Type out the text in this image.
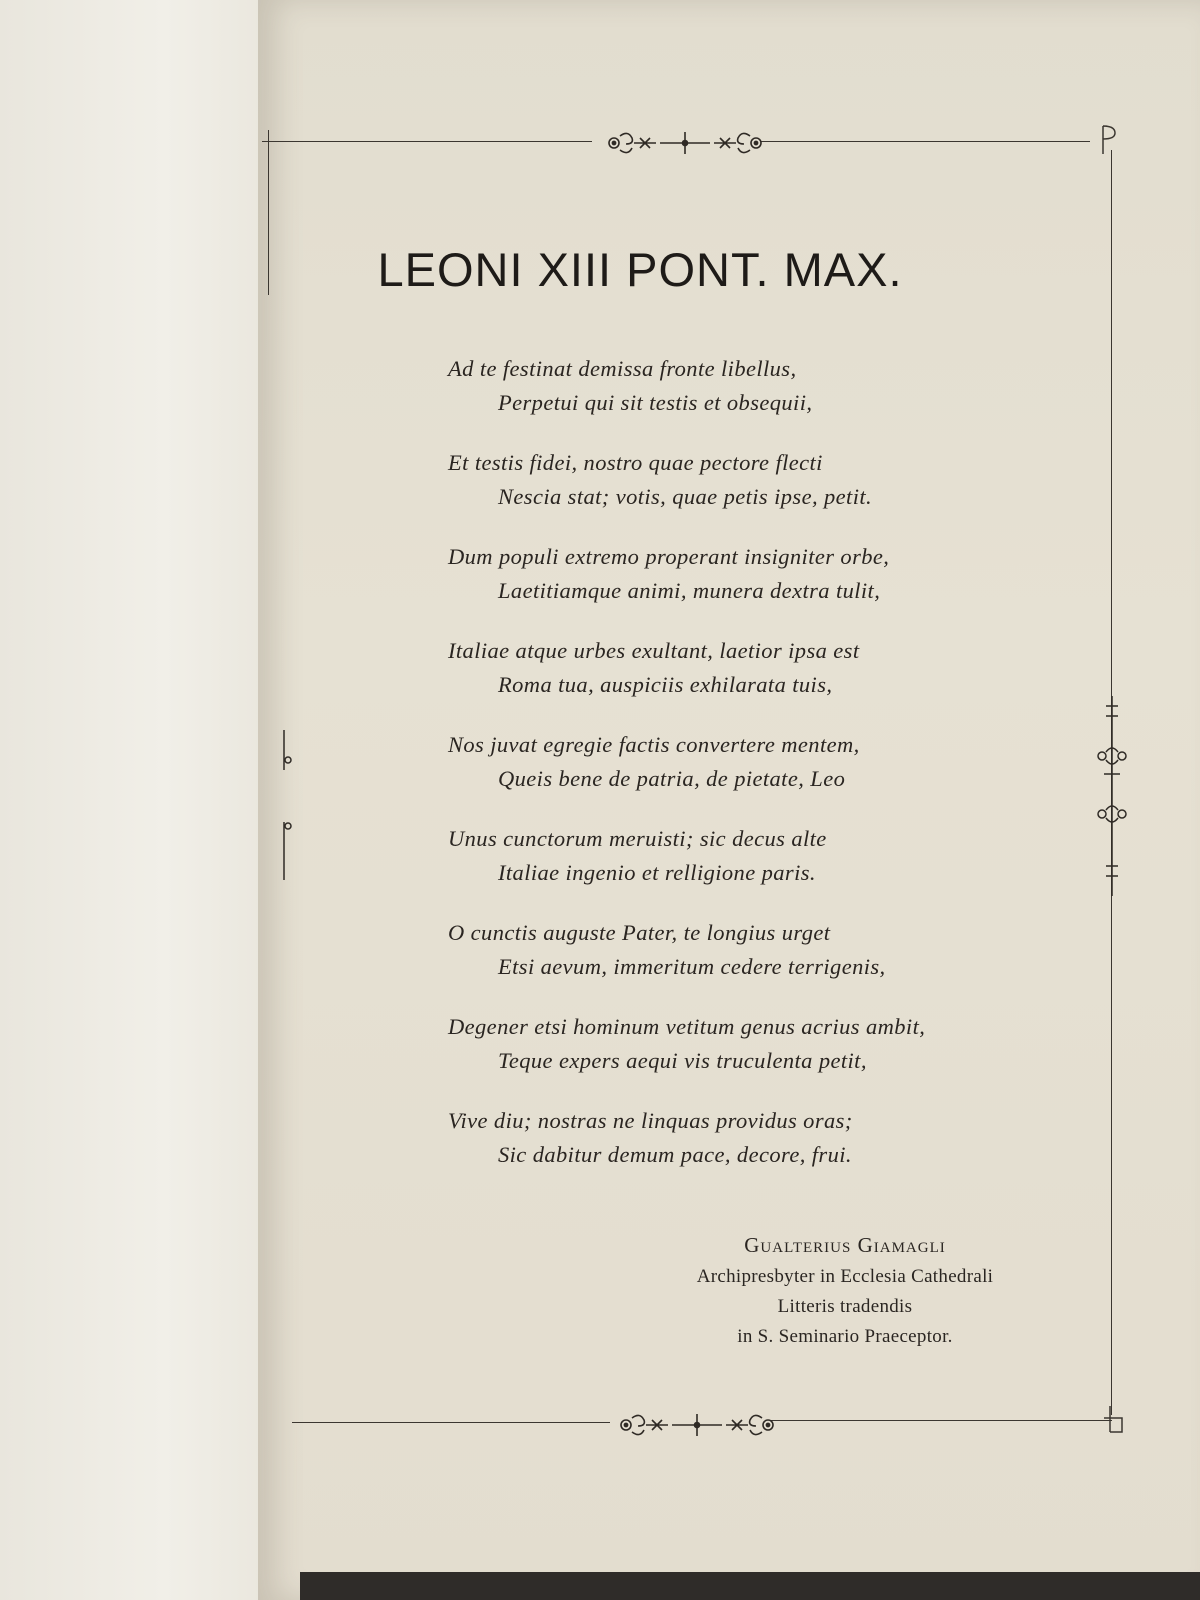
LEONI XIII PONT. MAX.
Ad te festinat demissa fronte libellus,
Perpetui qui sit testis et obsequii,
Et testis fidei, nostro quae pectore flecti
Nescia stat; votis, quae petis ipse, petit.
Dum populi extremo properant insigniter orbe,
Laetitiamque animi, munera dextra tulit,
Italiae atque urbes exultant, laetior ipsa est
Roma tua, auspiciis exhilarata tuis,
Nos juvat egregie factis convertere mentem,
Queis bene de patria, de pietate, Leo
Unus cunctorum meruisti; sic decus alte
Italiae ingenio et relligione paris.
O cunctis auguste Pater, te longius urget
Etsi aevum, immeritum cedere terrigenis,
Degener etsi hominum vetitum genus acrius ambit,
Teque expers aequi vis truculenta petit,
Vive diu; nostras ne linquas providus oras;
Sic dabitur demum pace, decore, frui.
Gualterius Giamagli
Archipresbyter in Ecclesia Cathedrali
Litteris tradendis
in S. Seminario Praeceptor.
